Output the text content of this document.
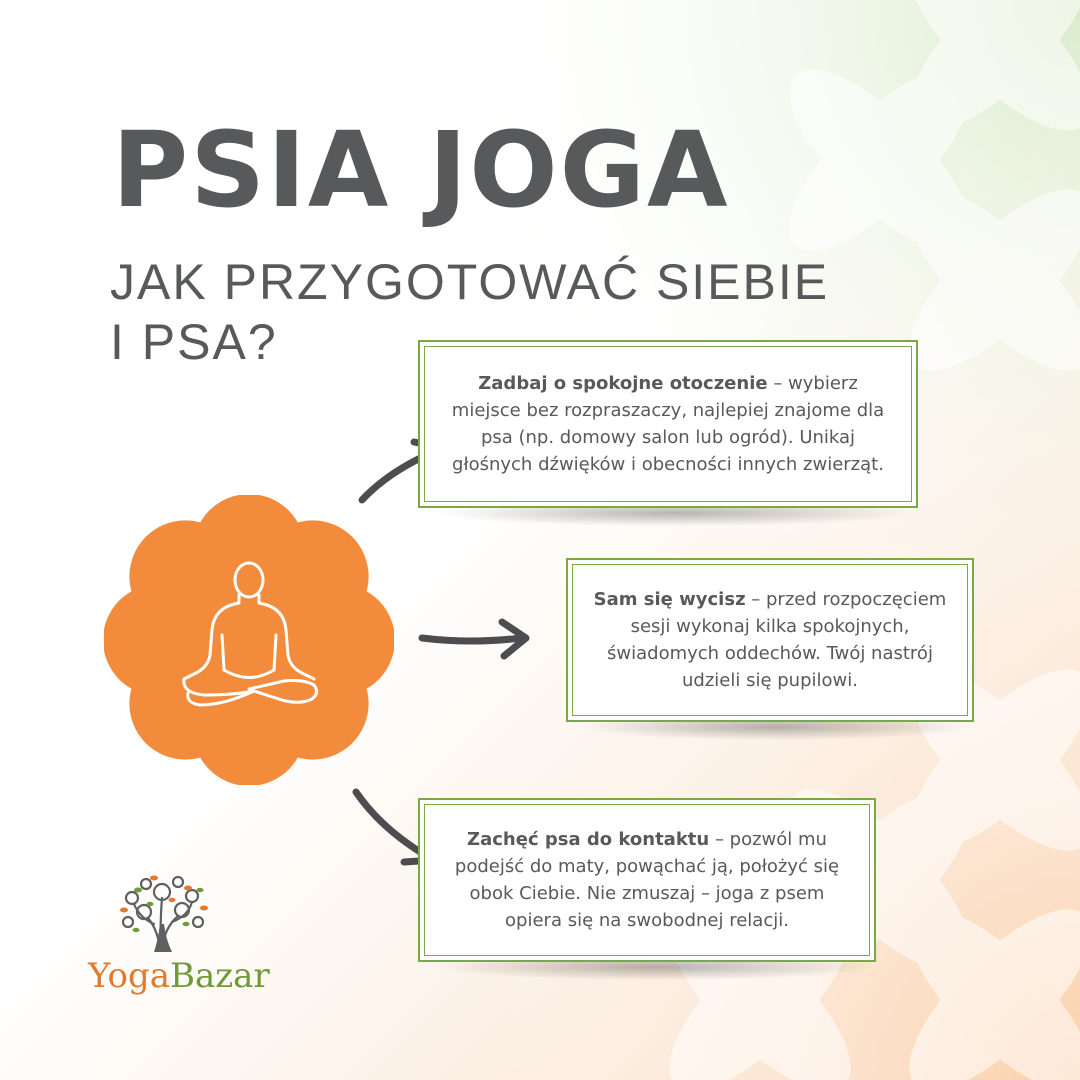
PSIA JOGA
JAK PRZYGOTOWAĆ SIEBIE
I PSA?
Zadbaj o spokojne otoczenie – wybierz miejsce bez rozpraszaczy, najlepiej znajome dla psa (np. domowy salon lub ogród). Unikaj głośnych dźwięków i obecności innych zwierząt.
Sam się wycisz – przed rozpoczęciem sesji wykonaj kilka spokojnych, świadomych oddechów. Twój nastrój udzieli się pupilowi.
Zachęć psa do kontaktu – pozwól mu podejść do maty, powąchać ją, położyć się obok Ciebie. Nie zmuszaj – joga z psem opiera się na swobodnej relacji.

YogaBazar
